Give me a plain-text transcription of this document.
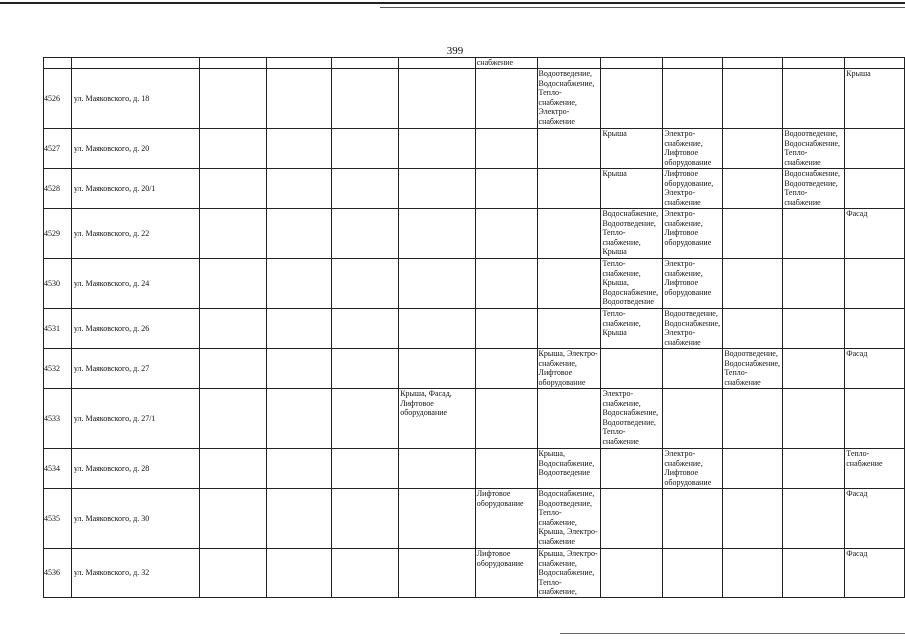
399
						снабжение						
4526	ул. Маяковского, д. 18						Водоотведение, Водоснабжение, Тепло-снабжение, Электро-снабжение					Крыша
4527	ул. Маяковского, д. 20							Крыша	Электро-снабжение, Лифтовое оборудование		Водоотведение, Водоснабжение, Тепло-снабжение	
4528	ул. Маяковского, д. 20/1							Крыша	Лифтовое оборудование, Электро-снабжение		Водоснабжение, Водоотведение, Тепло-снабжение	
4529	ул. Маяковского, д. 22							Водоснабжение, Водоотведение, Тепло-снабжение, Крыша	Электро-снабжение, Лифтовое оборудование			Фасад
4530	ул. Маяковского, д. 24							Тепло-снабжение, Крыша, Водоснабжение, Водоотведение	Электро-снабжение, Лифтовое оборудование			
4531	ул. Маяковского, д. 26							Тепло-снабжение, Крыша	Водоотведение, Водоснабжение, Электро-снабжение			
4532	ул. Маяковского, д. 27						Крыша, Электро-снабжение, Лифтовое оборудование			Водоотведение, Водоснабжение, Тепло-снабжение		Фасад
4533	ул. Маяковского, д. 27/1				Крыша, Фасад, Лифтовое оборудование			Электро-снабжение, Водоснабжение, Водоотведение, Тепло-снабжение				
4534	ул. Маяковского, д. 28						Крыша, Водоснабжение, Водоотведение		Электро-снабжение, Лифтовое оборудование			Тепло-снабжение
4535	ул. Маяковского, д. 30					Лифтовое оборудование	Водоснабжение, Водоотведение, Тепло-снабжение, Крыша, Электро-снабжение					Фасад
4536	ул. Маяковского, д. 32					Лифтовое оборудование	Крыша, Электро-снабжение, Водоснабжение, Тепло-снабжение,					Фасад
